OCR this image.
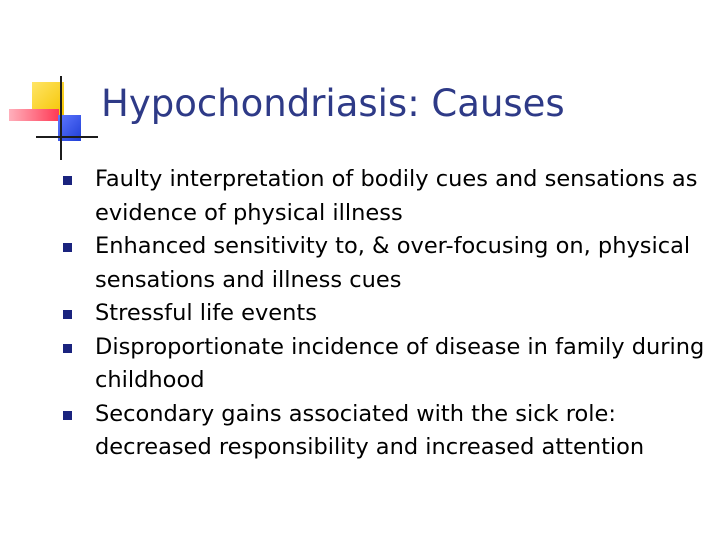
Hypochondriasis: Causes
Faulty interpretation of bodily cues and sensations as evidence of physical illness
Enhanced sensitivity to, & over-focusing on, physical sensations and illness cues
Stressful life events
Disproportionate incidence of disease in family during childhood
Secondary gains associated with the sick role: decreased responsibility and increased attention
